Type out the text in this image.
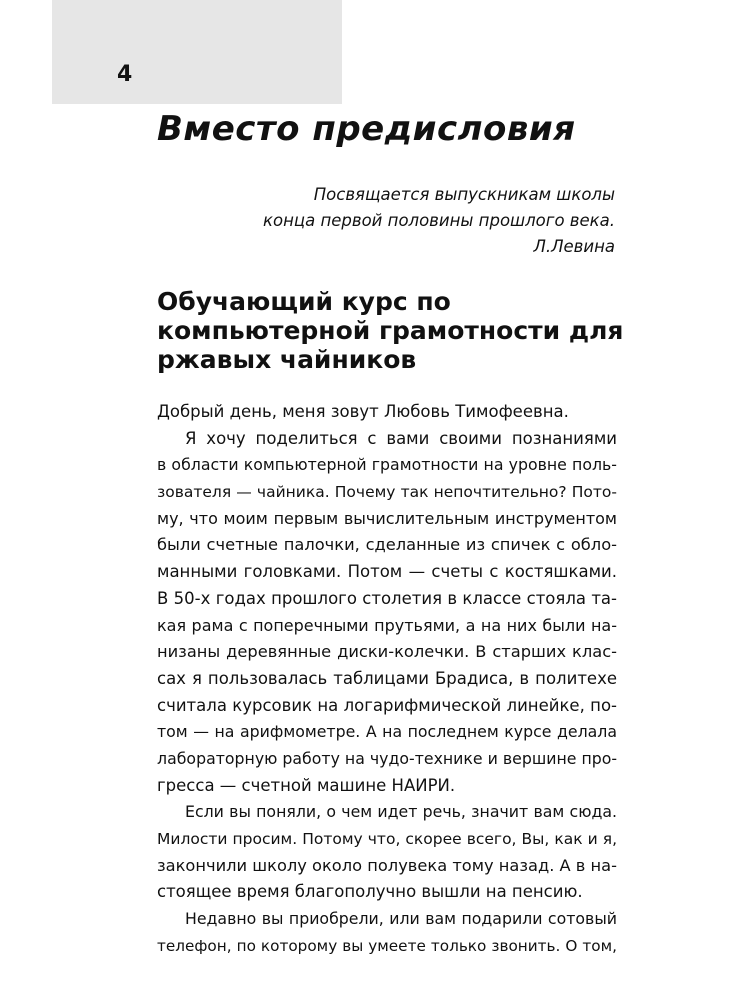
4
Вместо предисловия
Посвящается выпускникам школы
конца первой половины прошлого века.
Л.Левина
Обучающий курс по
компьютерной грамотности для
ржавых чайников
Добрый день, меня зовут Любовь Тимофеевна.
Я хочу поделиться с вами своими познаниями
в области компьютерной грамотности на уровне поль-
зователя — чайника. Почему так непочтительно? Пото-
му, что моим первым вычислительным инструментом
были счетные палочки, сделанные из спичек с обло-
манными головками. Потом — счеты с костяшками.
В 50-х годах прошлого столетия в классе стояла та-
кая рама с поперечными прутьями, а на них были на-
низаны деревянные диски-колечки. В старших клас-
сах я пользовалась таблицами Брадиса, в политехе
считала курсовик на логарифмической линейке, по-
том — на арифмометре. А на последнем курсе делала
лабораторную работу на чудо-технике и вершине про-
гресса — счетной машине НАИРИ.
Если вы поняли, о чем идет речь, значит вам сюда.
Милости просим. Потому что, скорее всего, Вы, как и я,
закончили школу около полувека тому назад. А в на-
стоящее время благополучно вышли на пенсию.
Недавно вы приобрели, или вам подарили сотовый
телефон, по которому вы умеете только звонить. О том,
